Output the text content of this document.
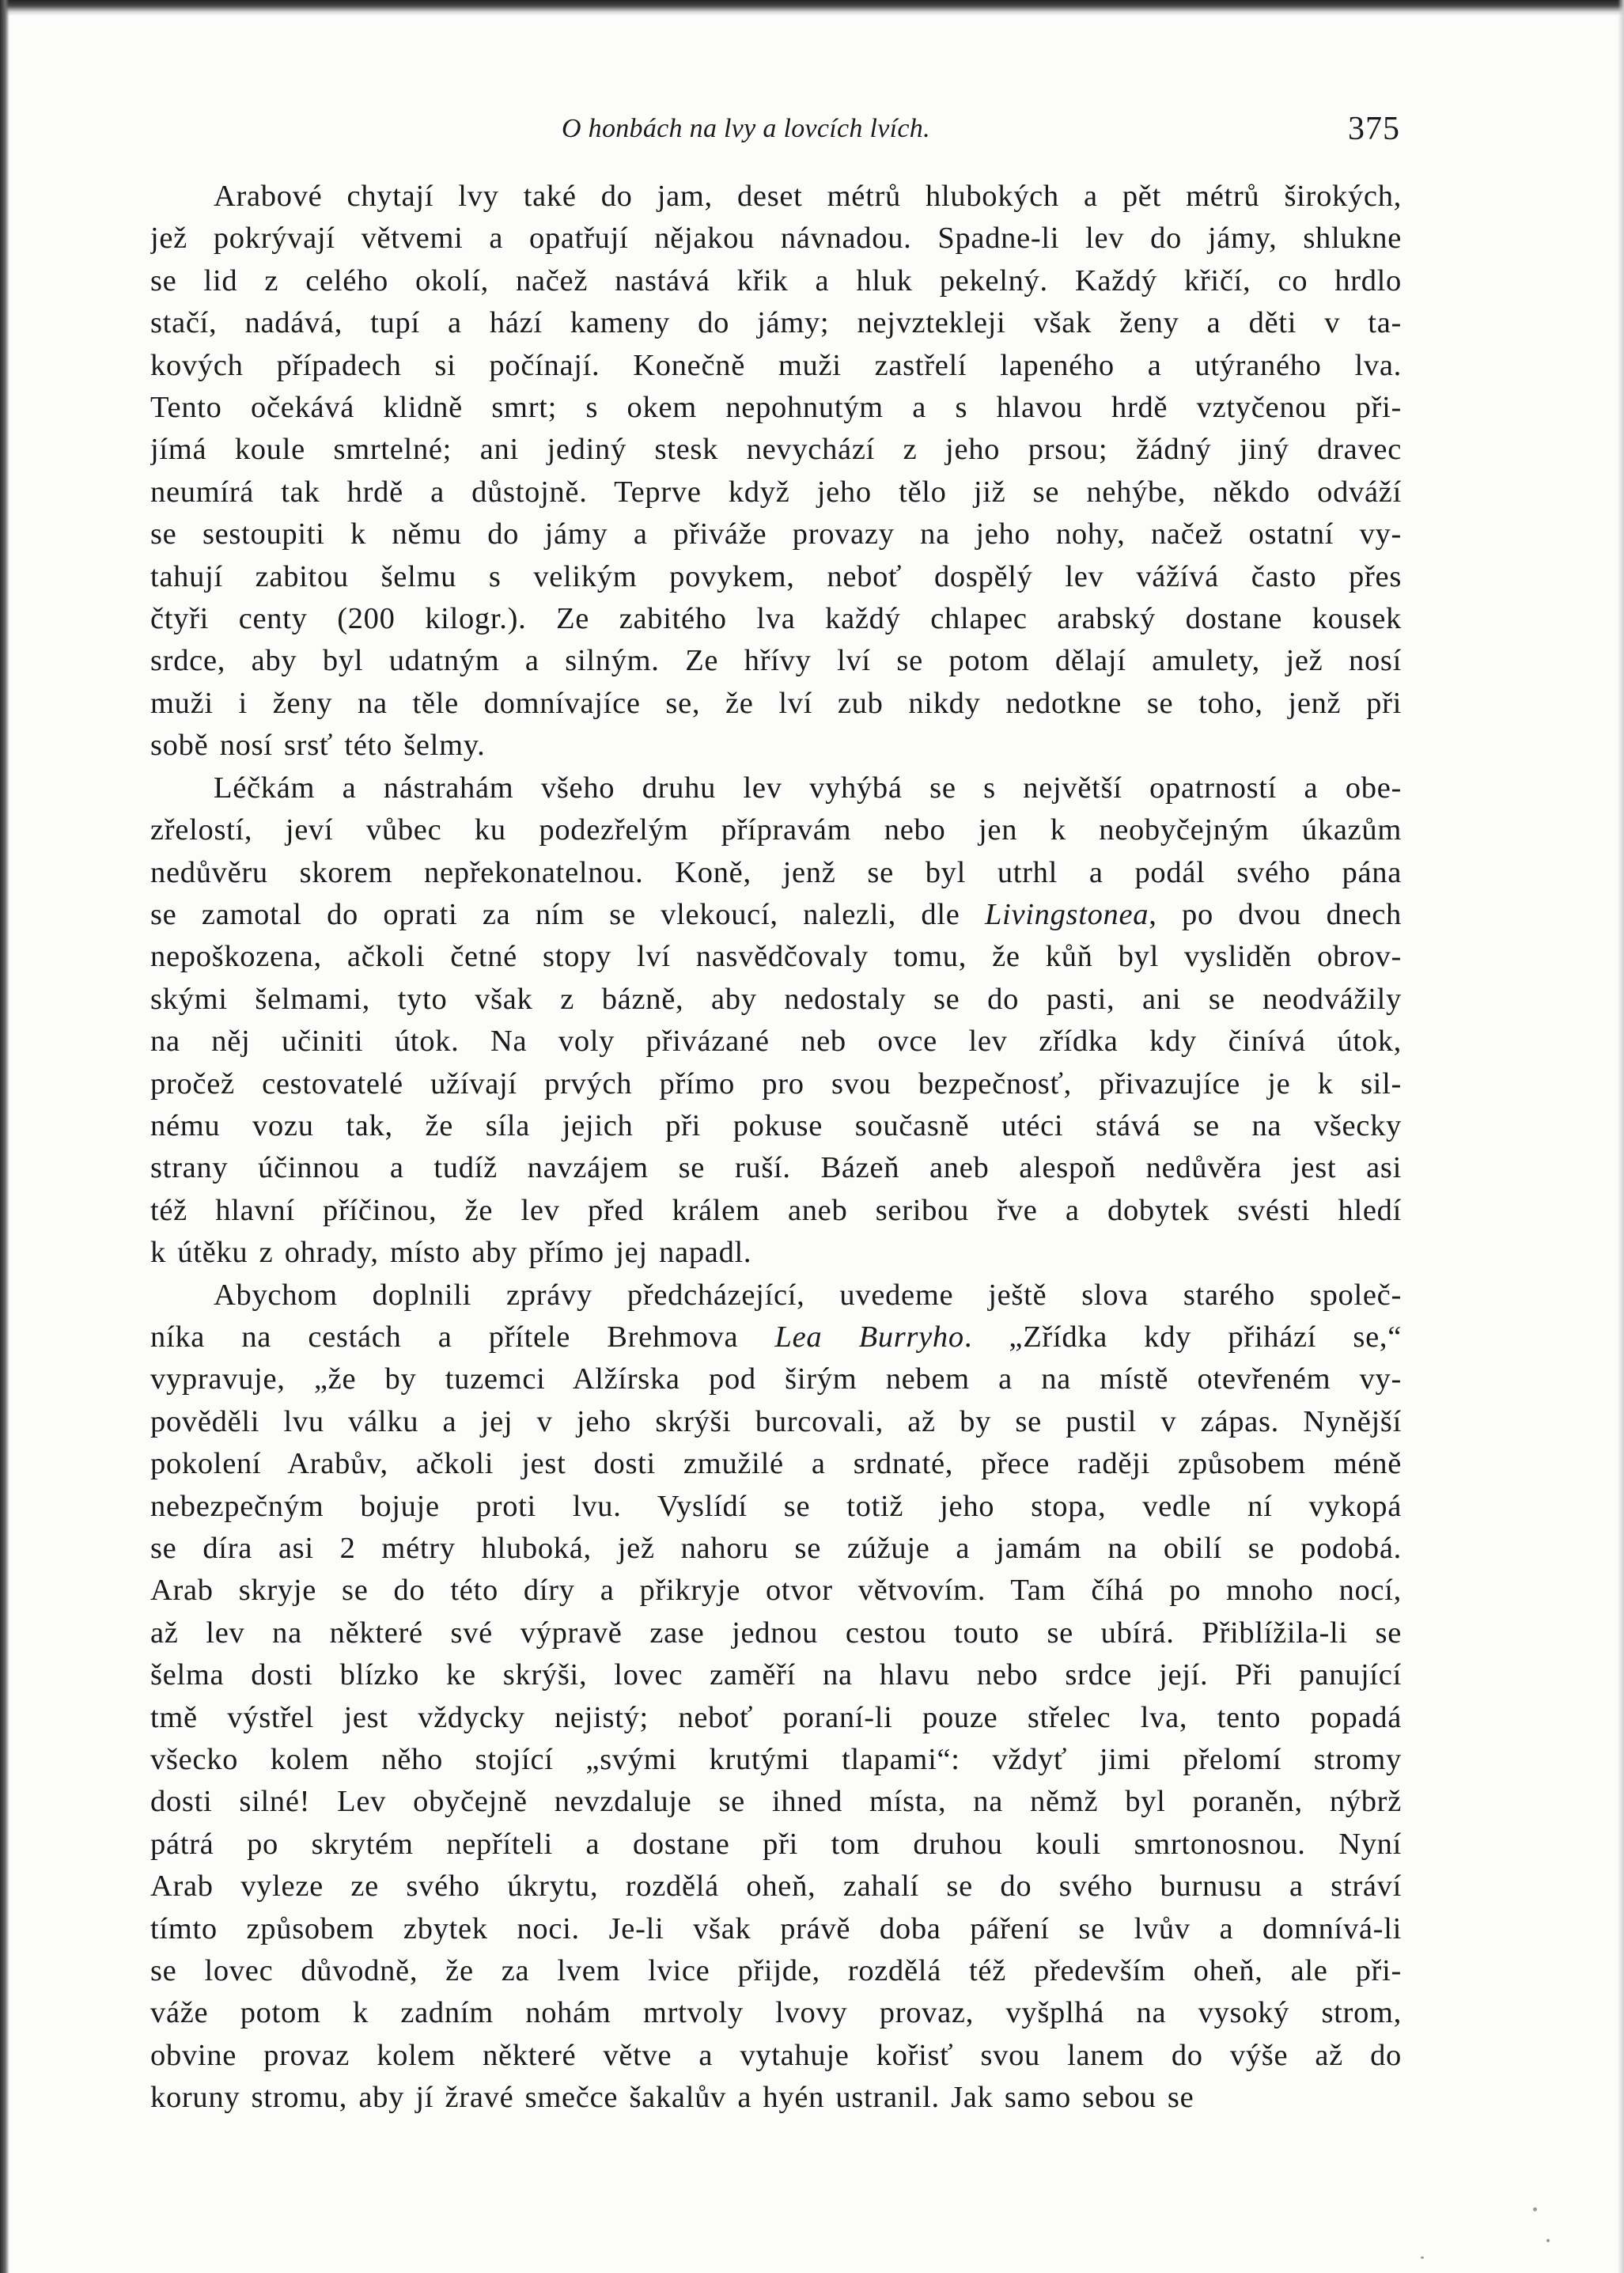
O honbách na lvy a lovcích lvích.	375

Arabové chytají lvy také do jam, deset métrů hlubokých a pět métrů širokých,
jež pokrývají větvemi a opatřují nějakou návnadou. Spadne-li lev do jámy, shlukne
se lid z celého okolí, načež nastává křik a hluk pekelný. Každý křičí, co hrdlo
stačí, nadává, tupí a hází kameny do jámy; nejvztekleji však ženy a děti v ta-
kových případech si počínají. Konečně muži zastřelí lapeného a utýraného lva.
Tento očekává klidně smrt; s okem nepohnutým a s hlavou hrdě vztyčenou při-
jímá koule smrtelné; ani jediný stesk nevychází z jeho prsou; žádný jiný dravec
neumírá tak hrdě a důstojně. Teprve když jeho tělo již se nehýbe, někdo odváží
se sestoupiti k němu do jámy a přiváže provazy na jeho nohy, načež ostatní vy-
tahují zabitou šelmu s velikým povykem, neboť dospělý lev vážívá často přes
čtyři centy (200 kilogr.). Ze zabitého lva každý chlapec arabský dostane kousek
srdce, aby byl udatným a silným. Ze hřívy lví se potom dělají amulety, jež nosí
muži i ženy na těle domnívajíce se, že lví zub nikdy nedotkne se toho, jenž při
sobě nosí srsť této šelmy.

Léčkám a nástrahám všeho druhu lev vyhýbá se s největší opatrností a obe-
zřelostí, jeví vůbec ku podezřelým přípravám nebo jen k neobyčejným úkazům
nedůvěru skorem nepřekonatelnou. Koně, jenž se byl utrhl a podál svého pána
se zamotal do oprati za ním se vlekoucí, nalezli, dle Livingstonea, po dvou dnech
nepoškozena, ačkoli četné stopy lví nasvědčovaly tomu, že kůň byl vysliděn obrov-
skými šelmami, tyto však z bázně, aby nedostaly se do pasti, ani se neodvážily
na něj učiniti útok. Na voly přivázané neb ovce lev zřídka kdy činívá útok,
pročež cestovatelé užívají prvých přímo pro svou bezpečnosť, přivazujíce je k sil-
nému vozu tak, že síla jejich při pokuse současně utéci stává se na všecky
strany účinnou a tudíž navzájem se ruší. Bázeň aneb alespoň nedůvěra jest asi
též hlavní příčinou, že lev před králem aneb seribou řve a dobytek svésti hledí
k útěku z ohrady, místo aby přímo jej napadl.

Abychom doplnili zprávy předcházející, uvedeme ještě slova starého společ-
níka na cestách a přítele Brehmova Lea Burryho. „Zřídka kdy přihází se,“
vypravuje, „že by tuzemci Alžírska pod širým nebem a na místě otevřeném vy-
pověděli lvu válku a jej v jeho skrýši burcovali, až by se pustil v zápas. Nynější
pokolení Arabův, ačkoli jest dosti zmužilé a srdnaté, přece raději způsobem méně
nebezpečným bojuje proti lvu. Vyslídí se totiž jeho stopa, vedle ní vykopá
se díra asi 2 métry hluboká, jež nahoru se zúžuje a jamám na obilí se podobá.
Arab skryje se do této díry a přikryje otvor větvovím. Tam číhá po mnoho nocí,
až lev na některé své výpravě zase jednou cestou touto se ubírá. Přiblížila-li se
šelma dosti blízko ke skrýši, lovec zaměří na hlavu nebo srdce její. Při panující
tmě výstřel jest vždycky nejistý; neboť poraní-li pouze střelec lva, tento popadá
všecko kolem něho stojící „svými krutými tlapami“: vždyť jimi přelomí stromy
dosti silné! Lev obyčejně nevzdaluje se ihned místa, na němž byl poraněn, nýbrž
pátrá po skrytém nepříteli a dostane při tom druhou kouli smrtonosnou. Nyní
Arab vyleze ze svého úkrytu, rozdělá oheň, zahalí se do svého burnusu a stráví
tímto způsobem zbytek noci. Je-li však právě doba páření se lvův a domnívá-li
se lovec důvodně, že za lvem lvice přijde, rozdělá též především oheň, ale při-
váže potom k zadním nohám mrtvoly lvovy provaz, vyšplhá na vysoký strom,
obvine provaz kolem některé větve a vytahuje kořisť svou lanem do výše až do
koruny stromu, aby jí žravé smečce šakalův a hyén ustranil. Jak samo sebou se
